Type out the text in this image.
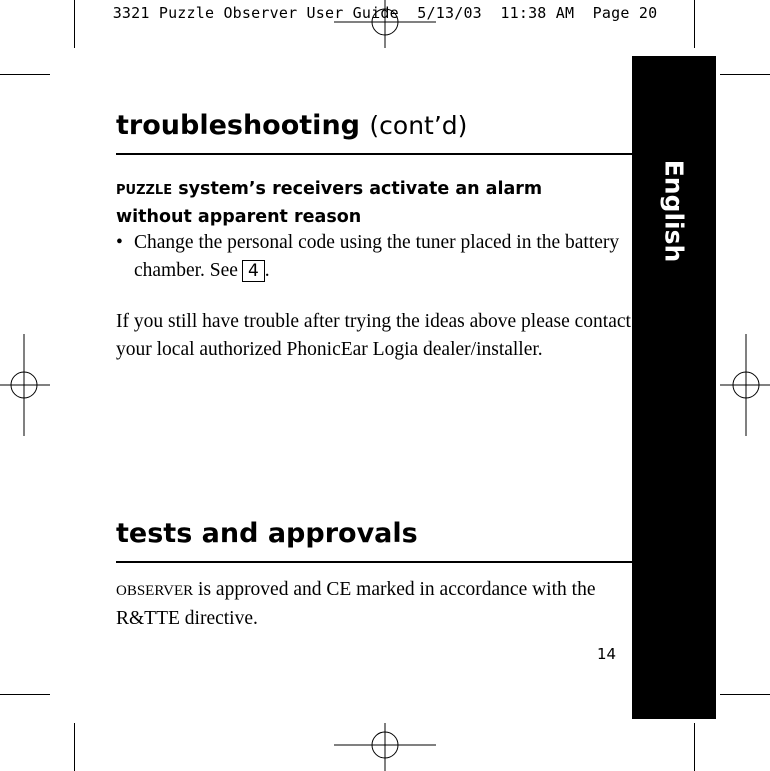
3321 Puzzle Observer User Guide  5/13/03  11:38 AM  Page 20
English
troubleshooting (cont’d)
PUZZLE system’s receivers activate an alarm without apparent reason
• Change the personal code using the tuner placed in the battery chamber. See 4 .
If you still have trouble after trying the ideas above please contact your local authorized PhonicEar Logia dealer/installer.
tests and approvals
OBSERVER is approved and CE marked in accordance with the R&TTE directive.
14
